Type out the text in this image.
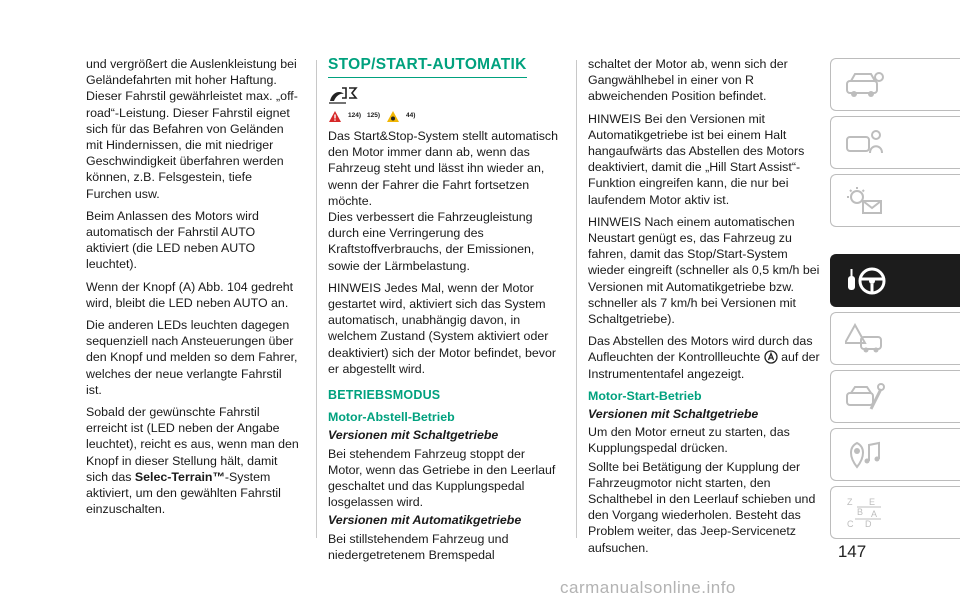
und vergrößert die Auslenkleistung bei Geländefahrten mit hoher Haftung. Dieser Fahrstil gewährleistet max. „off-road“-Leistung. Dieser Fahrstil eignet sich für das Befahren von Geländen mit Hindernissen, die mit niedriger Geschwindigkeit überfahren werden können, z.B. Felsgestein, tiefe Furchen usw.

Beim Anlassen des Motors wird automatisch der Fahrstil AUTO aktiviert (die LED neben AUTO leuchtet).

Wenn der Knopf (A) Abb. 104 gedreht wird, bleibt die LED neben AUTO an.

Die anderen LEDs leuchten dagegen sequenziell nach Ansteuerungen über den Knopf und melden so dem Fahrer, welches der neue verlangte Fahrstil ist.

Sobald der gewünschte Fahrstil erreicht ist (LED neben der Angabe leuchtet), reicht es aus, wenn man den Knopf in dieser Stellung hält, damit sich das Selec-Terrain™-System aktiviert, um den gewählten Fahrstil einzuschalten.

STOP/START-AUTOMATIK
124) 125)	44)

Das Start&Stop-System stellt automatisch den Motor immer dann ab, wenn das Fahrzeug steht und lässt ihn wieder an, wenn der Fahrer die Fahrt fortsetzen möchte.

Dies verbessert die Fahrzeugleistung durch eine Verringerung des Kraftstoffverbrauchs, der Emissionen, sowie der Lärmbelastung.

HINWEIS Jedes Mal, wenn der Motor gestartet wird, aktiviert sich das System automatisch, unabhängig davon, in welchem Zustand (System aktiviert oder deaktiviert) sich der Motor befindet, bevor er abgestellt wird.

BETRIEBSMODUS
Motor-Abstell-Betrieb
Versionen mit Schaltgetriebe

Bei stehendem Fahrzeug stoppt der Motor, wenn das Getriebe in den Leerlauf geschaltet und das Kupplungspedal losgelassen wird.

Versionen mit Automatikgetriebe

Bei stillstehendem Fahrzeug und niedergetretenem Bremspedal

schaltet der Motor ab, wenn sich der Gangwählhebel in einer von R abweichenden Position befindet.

HINWEIS Bei den Versionen mit Automatikgetriebe ist bei einem Halt hangaufwärts das Abstellen des Motors deaktiviert, damit die „Hill Start Assist“-Funktion eingreifen kann, die nur bei laufendem Motor aktiv ist.

HINWEIS Nach einem automatischen Neustart genügt es, das Fahrzeug zu fahren, damit das Stop/Start-System wieder eingreift (schneller als 0,5 km/h bei Versionen mit Automatikgetriebe bzw. schneller als 7 km/h bei Versionen mit Schaltgetriebe).

Das Abstellen des Motors wird durch das Aufleuchten der Kontrollleuchte  auf der Instrumententafel angezeigt.

Motor-Start-Betrieb
Versionen mit Schaltgetriebe

Um den Motor erneut zu starten, das Kupplungspedal drücken.

Sollte bei Betätigung der Kupplung der Fahrzeugmotor nicht starten, den Schalthebel in den Leerlauf schieben und den Vorgang wiederholen. Besteht das Problem weiter, das Jeep-Servicenetz aufsuchen.

Z E
B A
C D
147
carmanualsonline.info
